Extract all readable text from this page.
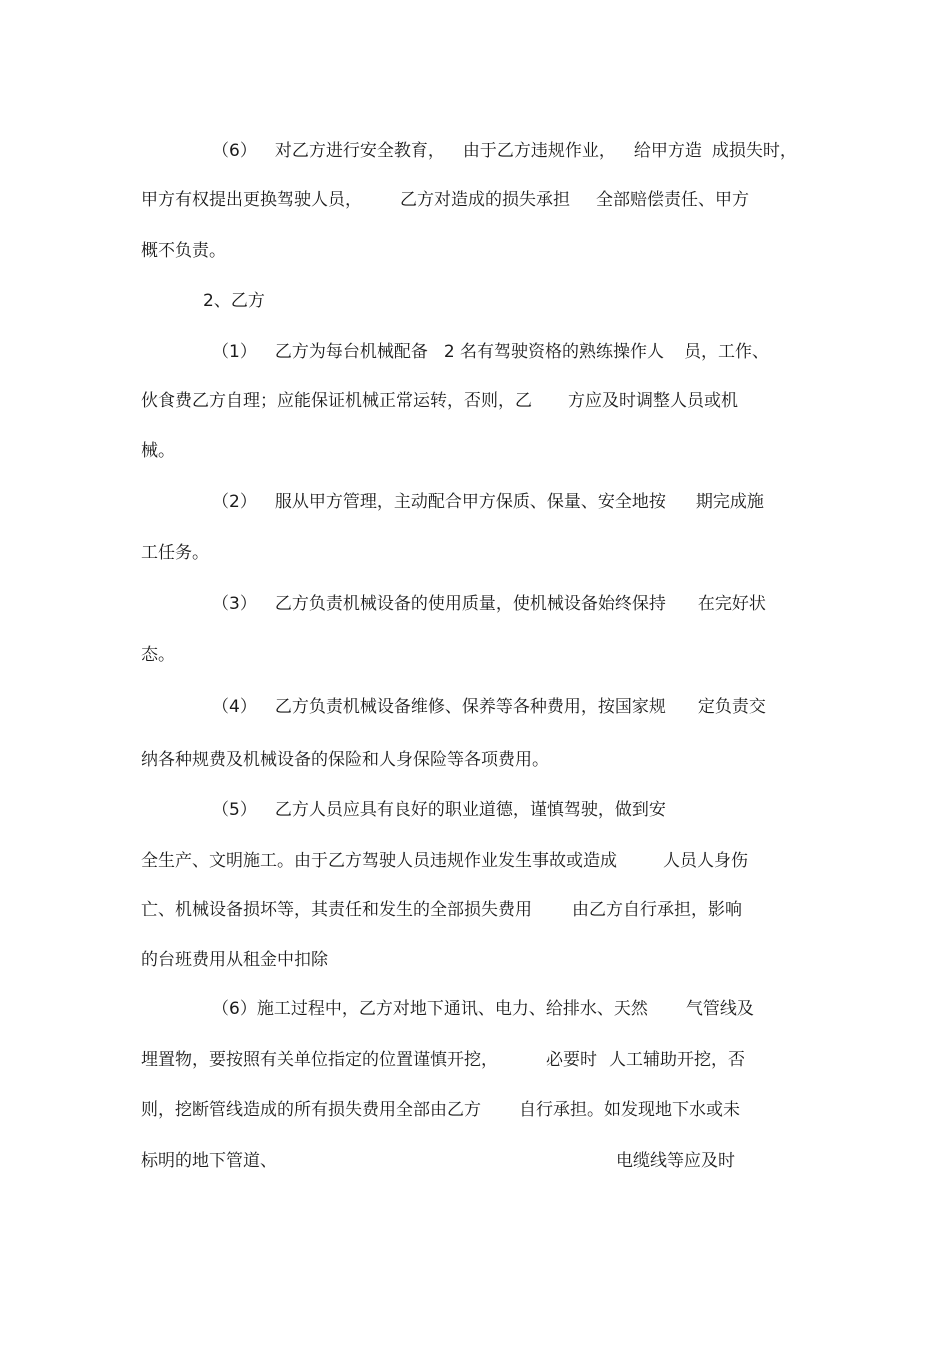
（6） 对乙方进行安全教育， 由于乙方违规作业， 给甲方造 成损失时，
甲方有权提出更换驾驶人员， 乙方对造成的损失承担 全部赔偿责任、甲方
概不负责。
2、乙方
（1） 乙方为每台机械配备 2 名有驾驶资格的熟练操作人 员，工作、
伙食费乙方自理；应能保证机械正常运转，否则，乙 方应及时调整人员或机
械。
（2） 服从甲方管理，主动配合甲方保质、保量、安全地按 期完成施
工任务。
（3） 乙方负责机械设备的使用质量，使机械设备始终保持 在完好状
态。
（4） 乙方负责机械设备维修、保养等各种费用，按国家规 定负责交
纳各种规费及机械设备的保险和人身保险等各项费用。
（5） 乙方人员应具有良好的职业道德，谨慎驾驶，做到安
全生产、文明施工。由于乙方驾驶人员违规作业发生事故或造成	人员人身伤
亡、机械设备损坏等，其责任和发生的全部损失费用 由乙方自行承担，影响
的台班费用从租金中扣除
（6）施工过程中，乙方对地下通讯、电力、给排水、天然 气管线及
埋置物，要按照有关单位指定的位置谨慎开挖，	必要时 人工辅助开挖，否
则，挖断管线造成的所有损失费用全部由乙方 自行承担。如发现地下水或未
标明的地下管道、	电缆线等应及时
